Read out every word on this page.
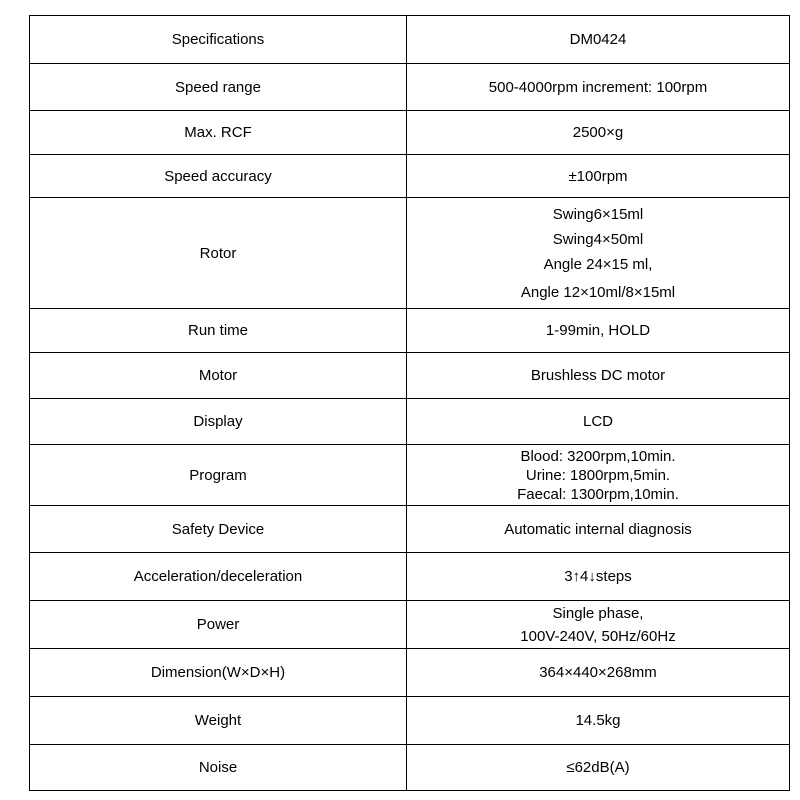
Specifications	DM0424
Speed range	500-4000rpm increment: 100rpm
Max. RCF	2500×g
Speed accuracy	±100rpm
Rotor	Swing6×15ml
Swing4×50ml
Angle 24×15 ml,
Angle 12×10ml/8×15ml

Run time	1-99min, HOLD
Motor	Brushless DC motor
Display	LCD
Program	Blood: 3200rpm,10min.
Urine: 1800rpm,5min.
Faecal: 1300rpm,10min.

Safety Device	Automatic internal diagnosis
Acceleration/deceleration	3↑4↓steps
Power	Single phase,
100V-240V, 50Hz/60Hz

Dimension(W×D×H)	364×440×268mm
Weight	14.5kg
Noise	≤62dB(A)
